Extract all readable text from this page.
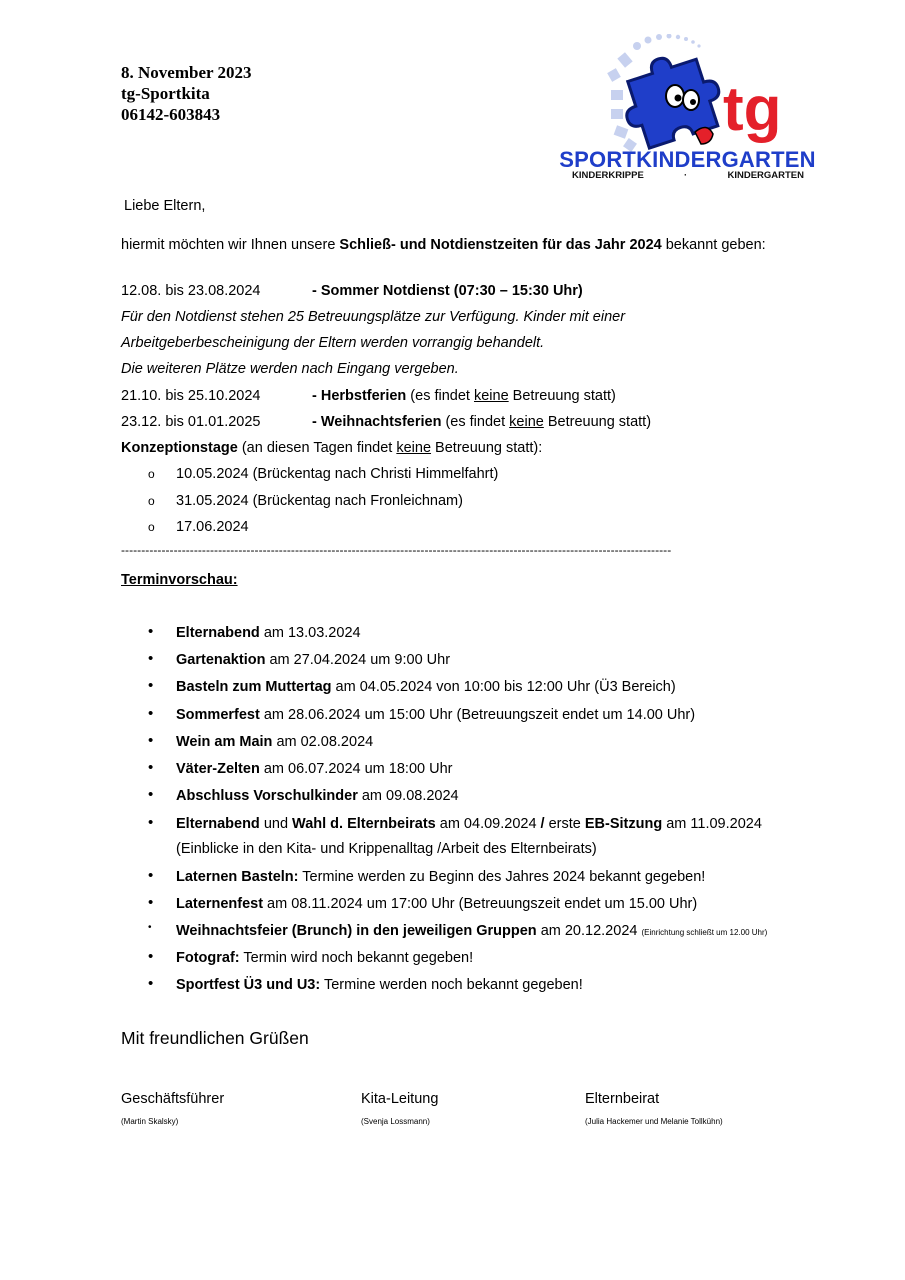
8. November 2023
tg-Sportkita
06142-603843	tg
SPORTKINDERGARTEN
KINDERKRIPPE	·	KINDERGARTEN
Liebe Eltern,
hiermit möchten wir Ihnen unsere Schließ- und Notdienstzeiten für das Jahr 2024 bekannt geben:
12.08. bis 23.08.2024	- Sommer Notdienst (07:30 – 15:30 Uhr)
Für den Notdienst stehen 25 Betreuungsplätze zur Verfügung. Kinder mit einer
Arbeitgeberbescheinigung der Eltern werden vorrangig behandelt.
Die weiteren Plätze werden nach Eingang vergeben.
21.10. bis 25.10.2024	- Herbstferien (es findet keine Betreuung statt)
23.12. bis 01.01.2025	- Weihnachtsferien (es findet keine Betreuung statt)
Konzeptionstage (an diesen Tagen findet keine Betreuung statt):
o 10.05.2024 (Brückentag nach Christi Himmelfahrt)
o 31.05.2024 (Brückentag nach Fronleichnam)
o 17.06.2024
----------------------------------------------------------------------------------------------------------------------------------------
Terminvorschau:
• Elternabend am 13.03.2024
• Gartenaktion am 27.04.2024 um 9:00 Uhr
• Basteln zum Muttertag am 04.05.2024 von 10:00 bis 12:00 Uhr (Ü3 Bereich)
• Sommerfest am 28.06.2024 um 15:00 Uhr (Betreuungszeit endet um 14.00 Uhr)
• Wein am Main am 02.08.2024
• Väter-Zelten am 06.07.2024 um 18:00 Uhr
• Abschluss Vorschulkinder am 09.08.2024
• Elternabend und Wahl d. Elternbeirats am 04.09.2024 / erste EB-Sitzung am 11.09.2024
(Einblicke in den Kita- und Krippenalltag /Arbeit des Elternbeirats)
• Laternen Basteln: Termine werden zu Beginn des Jahres 2024 bekannt gegeben!
• Laternenfest am 08.11.2024 um 17:00 Uhr (Betreuungszeit endet um 15.00 Uhr)
• Weihnachtsfeier (Brunch) in den jeweiligen Gruppen am 20.12.2024 (Einrichtung schließt um 12.00 Uhr)
• Fotograf: Termin wird noch bekannt gegeben!
• Sportfest Ü3 und U3: Termine werden noch bekannt gegeben!
Mit freundlichen Grüßen
Geschäftsführer
(Martin Skalsky)
Kita-Leitung
(Svenja Lossmann)
Elternbeirat
(Julia Hackemer und Melanie Tollkühn)
